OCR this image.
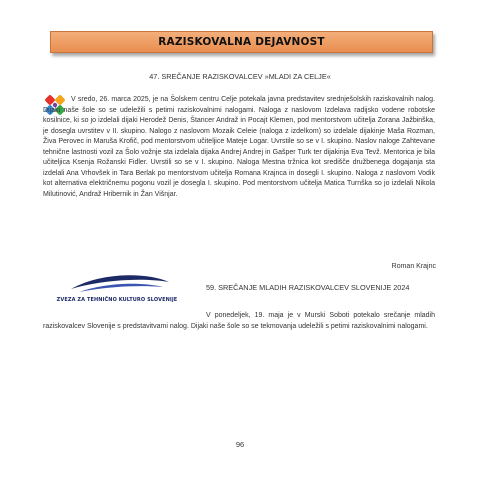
RAZISKOVALNA DEJAVNOST
47. SREČANJE RAZISKOVALCEV »MLADI ZA CELJE«

V sredo, 26. marca 2025, je na Šolskem centru Celje potekala javna predstavitev srednješolskih raziskovalnih nalog. Dijaki naše šole so se udeležili s petimi raziskovalnimi nalogami. Naloga z naslovom Izdelava radijsko vodene robotske kosilnice, ki so jo izdelali dijaki Herodež Denis, Štancer Andraž in Pocajt Klemen, pod mentorstvom učitelja Zorana Jažbinška, je dosegla uvrstitev v II. skupino. Nalogo z naslovom Mozaik Celeie (naloga z izdelkom) so izdelale dijakinje Maša Rozman, Živa Perovec in Maruša Krofič, pod mentorstvom učiteljice Mateje Logar. Uvrstile so se v I. skupino. Naslov naloge Zahtevane tehnične lastnosti vozil za Šolo vožnje sta izdelala dijaka Andrej Andrej in Gašper Turk ter dijakinja Eva Tevž. Mentorica je bila učiteljica Ksenja Rožanski Fidler. Uvrstili so se v I. skupino. Naloga Mestna tržnica kot središče družbenega dogajanja sta izdelali Ana Vrhovšek in Tara Berlak po mentorstvom učitelja Romana Krajnca in dosegli I. skupino. Naloga z naslovom Vodik kot alternativa električnemu pogonu vozil je dosegla I. skupino. Pod mentorstvom učitelja Matica Turnška so jo izdelali Nikola Milutinović, Andraž Hribernik in Žan Višnjar.

Roman Krajnc
ZVEZA ZA TEHNIČNO KULTURO SLOVENIJE
59. SREČANJE MLADIH RAZISKOVALCEV SLOVENIJE 2024

V ponedeljek, 19. maja je v Murski Soboti potekalo srečanje mladih raziskovalcev Slovenije s predstavitvami nalog. Dijaki naše šole so se tekmovanja udeležili s petimi raziskovalnimi nalogami.

96
